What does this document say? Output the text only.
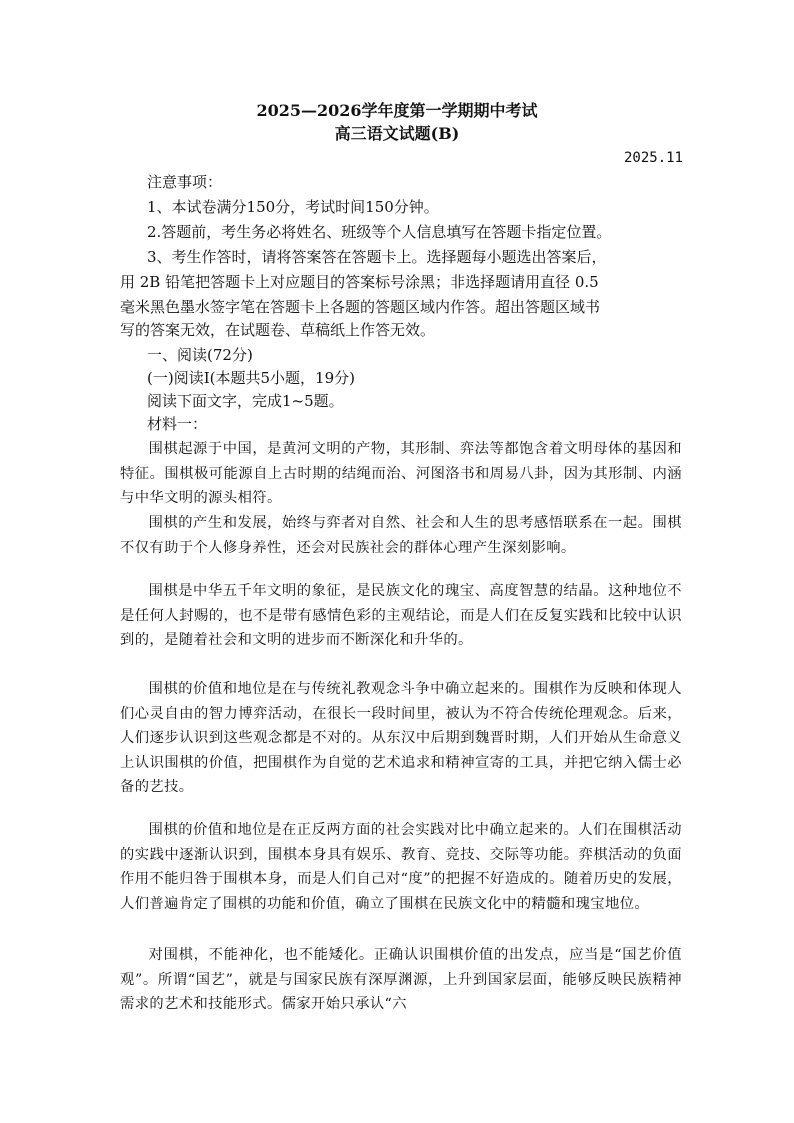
2025—2026学年度第一学期期中考试
高三语文试题(B)
2025.11
注意事项：
1、本试卷满分150分，考试时间150分钟。
2.答题前，考生务必将姓名、班级等个人信息填写在答题卡指定位置。
3、考生作答时，请将答案答在答题卡上。选择题每小题选出答案后，
用 2B 铅笔把答题卡上对应题目的答案标号涂黑；非选择题请用直径 0.5
毫米黑色墨水签字笔在答题卡上各题的答题区域内作答。超出答题区域书
写的答案无效，在试题卷、草稿纸上作答无效。
一、阅读(72分)
(一)阅读Ⅰ(本题共5小题，19分)
阅读下面文字，完成1~5题。
材料一：
围棋起源于中国，是黄河文明的产物，其形制、弈法等都饱含着文明母体的基因和特征。围棋极可能源自上古时期的结绳而治、河图洛书和周易八卦，因为其形制、内涵与中华文明的源头相符。
围棋的产生和发展，始终与弈者对自然、社会和人生的思考感悟联系在一起。围棋不仅有助于个人修身养性，还会对民族社会的群体心理产生深刻影响。
围棋是中华五千年文明的象征，是民族文化的瑰宝、高度智慧的结晶。这种地位不是任何人封赐的，也不是带有感情色彩的主观结论，而是人们在反复实践和比较中认识到的，是随着社会和文明的进步而不断深化和升华的。
围棋的价值和地位是在与传统礼教观念斗争中确立起来的。围棋作为反映和体现人们心灵自由的智力博弈活动，在很长一段时间里，被认为不符合传统伦理观念。后来，人们逐步认识到这些观念都是不对的。从东汉中后期到魏晋时期，人们开始从生命意义上认识围棋的价值，把围棋作为自觉的艺术追求和精神宣寄的工具，并把它纳入儒士必备的艺技。
围棋的价值和地位是在正反两方面的社会实践对比中确立起来的。人们在围棋活动的实践中逐渐认识到，围棋本身具有娱乐、教育、竞技、交际等功能。弈棋活动的负面作用不能归咎于围棋本身，而是人们自己对“度”的把握不好造成的。随着历史的发展，人们普遍肯定了围棋的功能和价值，确立了围棋在民族文化中的精髓和瑰宝地位。
对围棋，不能神化，也不能矮化。正确认识围棋价值的出发点，应当是“国艺价值观”。所谓“国艺”，就是与国家民族有深厚渊源，上升到国家层面，能够反映民族精神需求的艺术和技能形式。儒家开始只承认“六
